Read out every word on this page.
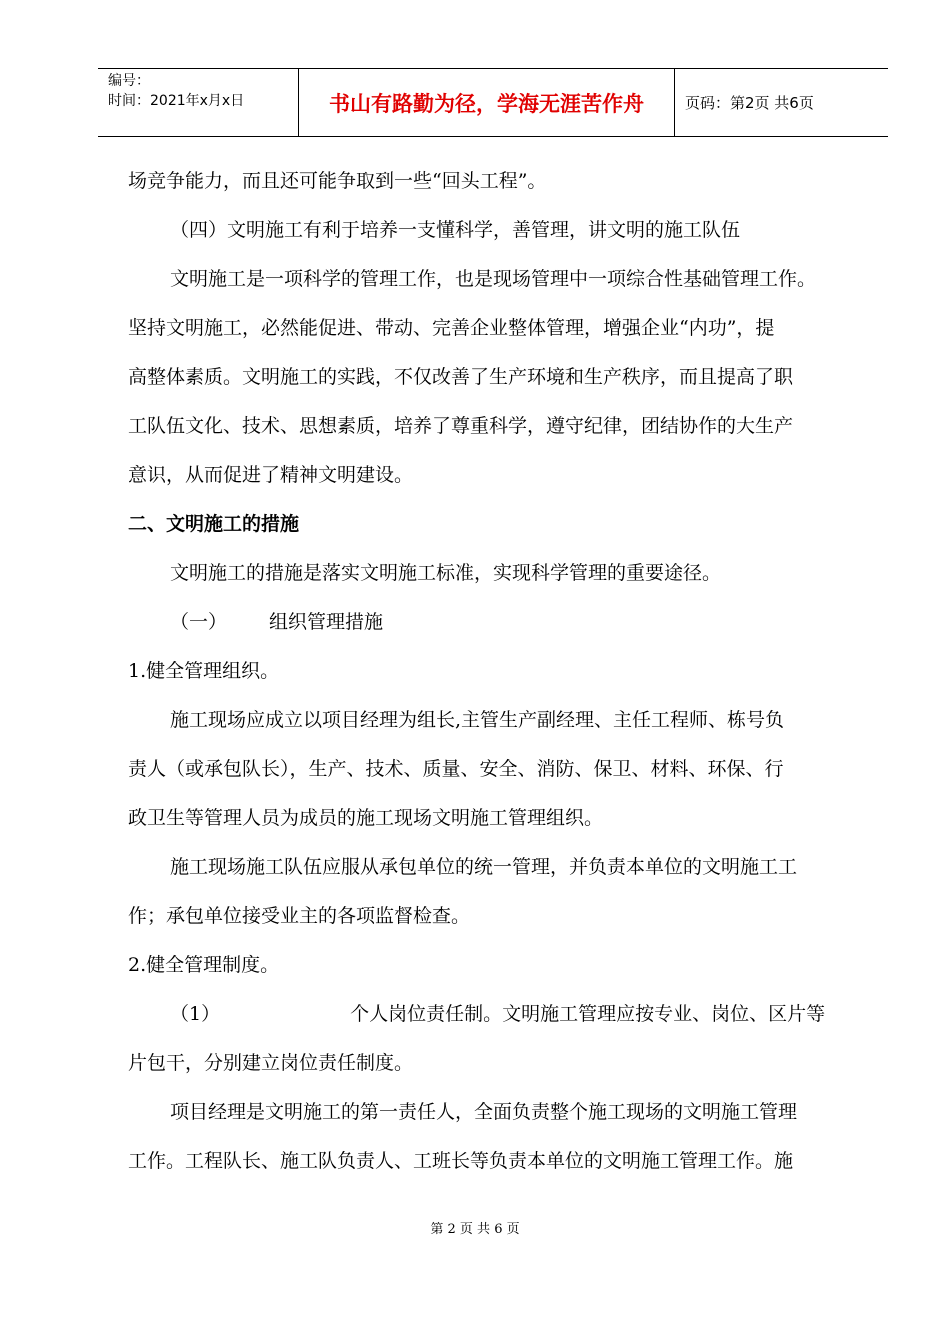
编号：
时间：2021年x月x日	书山有路勤为径，学海无涯苦作舟	页码：第2页 共6页
场竞争能力，而且还可能争取到一些“回头工程”。
（四）文明施工有利于培养一支懂科学，善管理，讲文明的施工队伍
文明施工是一项科学的管理工作，也是现场管理中一项综合性基础管理工作。
坚持文明施工，必然能促进、带动、完善企业整体管理，增强企业“内功”，提
高整体素质。文明施工的实践，不仅改善了生产环境和生产秩序，而且提高了职
工队伍文化、技术、思想素质，培养了尊重科学，遵守纪律，团结协作的大生产
意识，从而促进了精神文明建设。
二、文明施工的措施
文明施工的措施是落实文明施工标准，实现科学管理的重要途径。
（一） 组织管理措施
1.健全管理组织。
施工现场应成立以项目经理为组长,主管生产副经理、主任工程师、栋号负
责人（或承包队长），生产、技术、质量、安全、消防、保卫、材料、环保、行
政卫生等管理人员为成员的施工现场文明施工管理组织。
施工现场施工队伍应服从承包单位的统一管理，并负责本单位的文明施工工
作；承包单位接受业主的各项监督检查。
2.健全管理制度。
（1）	个人岗位责任制。文明施工管理应按专业、岗位、区片等
片包干，分别建立岗位责任制度。
项目经理是文明施工的第一责任人，全面负责整个施工现场的文明施工管理
工作。工程队长、施工队负责人、工班长等负责本单位的文明施工管理工作。施
第 2 页 共 6 页
